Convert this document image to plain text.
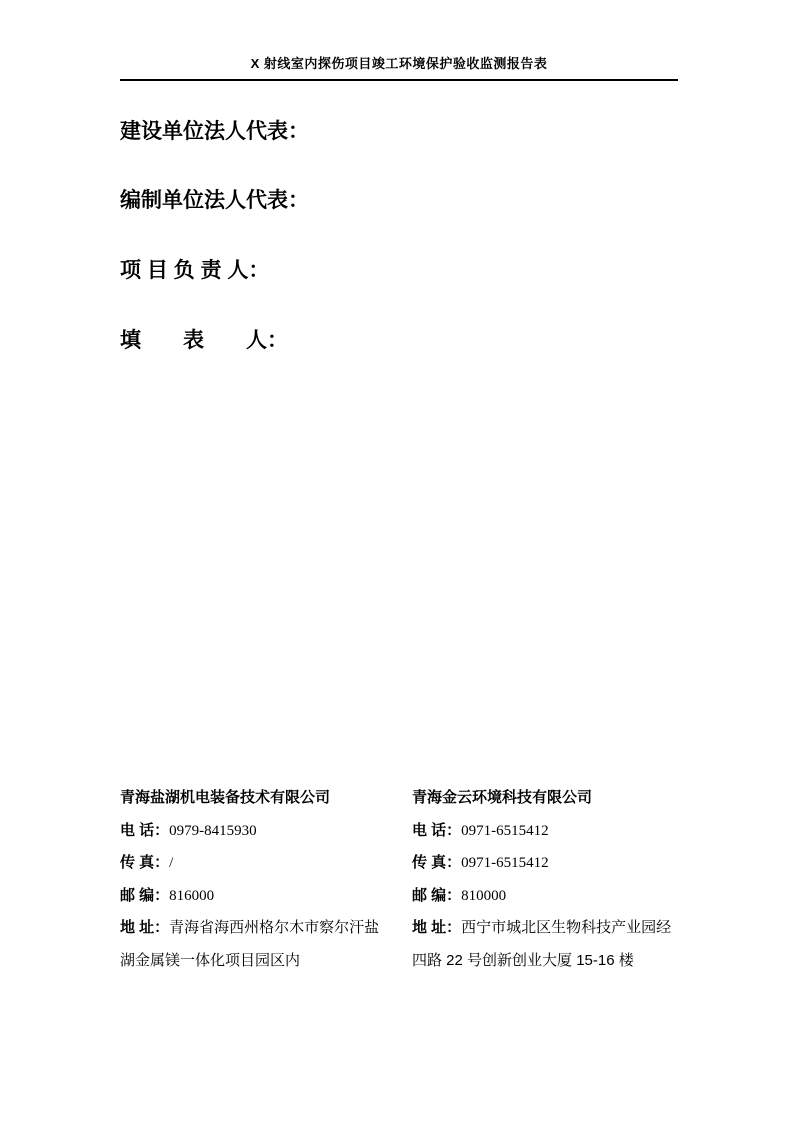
X 射线室内探伤项目竣工环境保护验收监测报告表
建设单位法人代表：
编制单位法人代表：
项 目 负 责 人：
填　　表　　人：
青海盐湖机电装备技术有限公司
电 话：0979-8415930
传 真：/
邮 编：816000
地 址：青海省海西州格尔木市察尔汗盐
湖金属镁一体化项目园区内
青海金云环境科技有限公司
电 话：0971-6515412
传 真：0971-6515412
邮 编：810000
地 址：西宁市城北区生物科技产业园经
四路 22 号创新创业大厦 15-16 楼
